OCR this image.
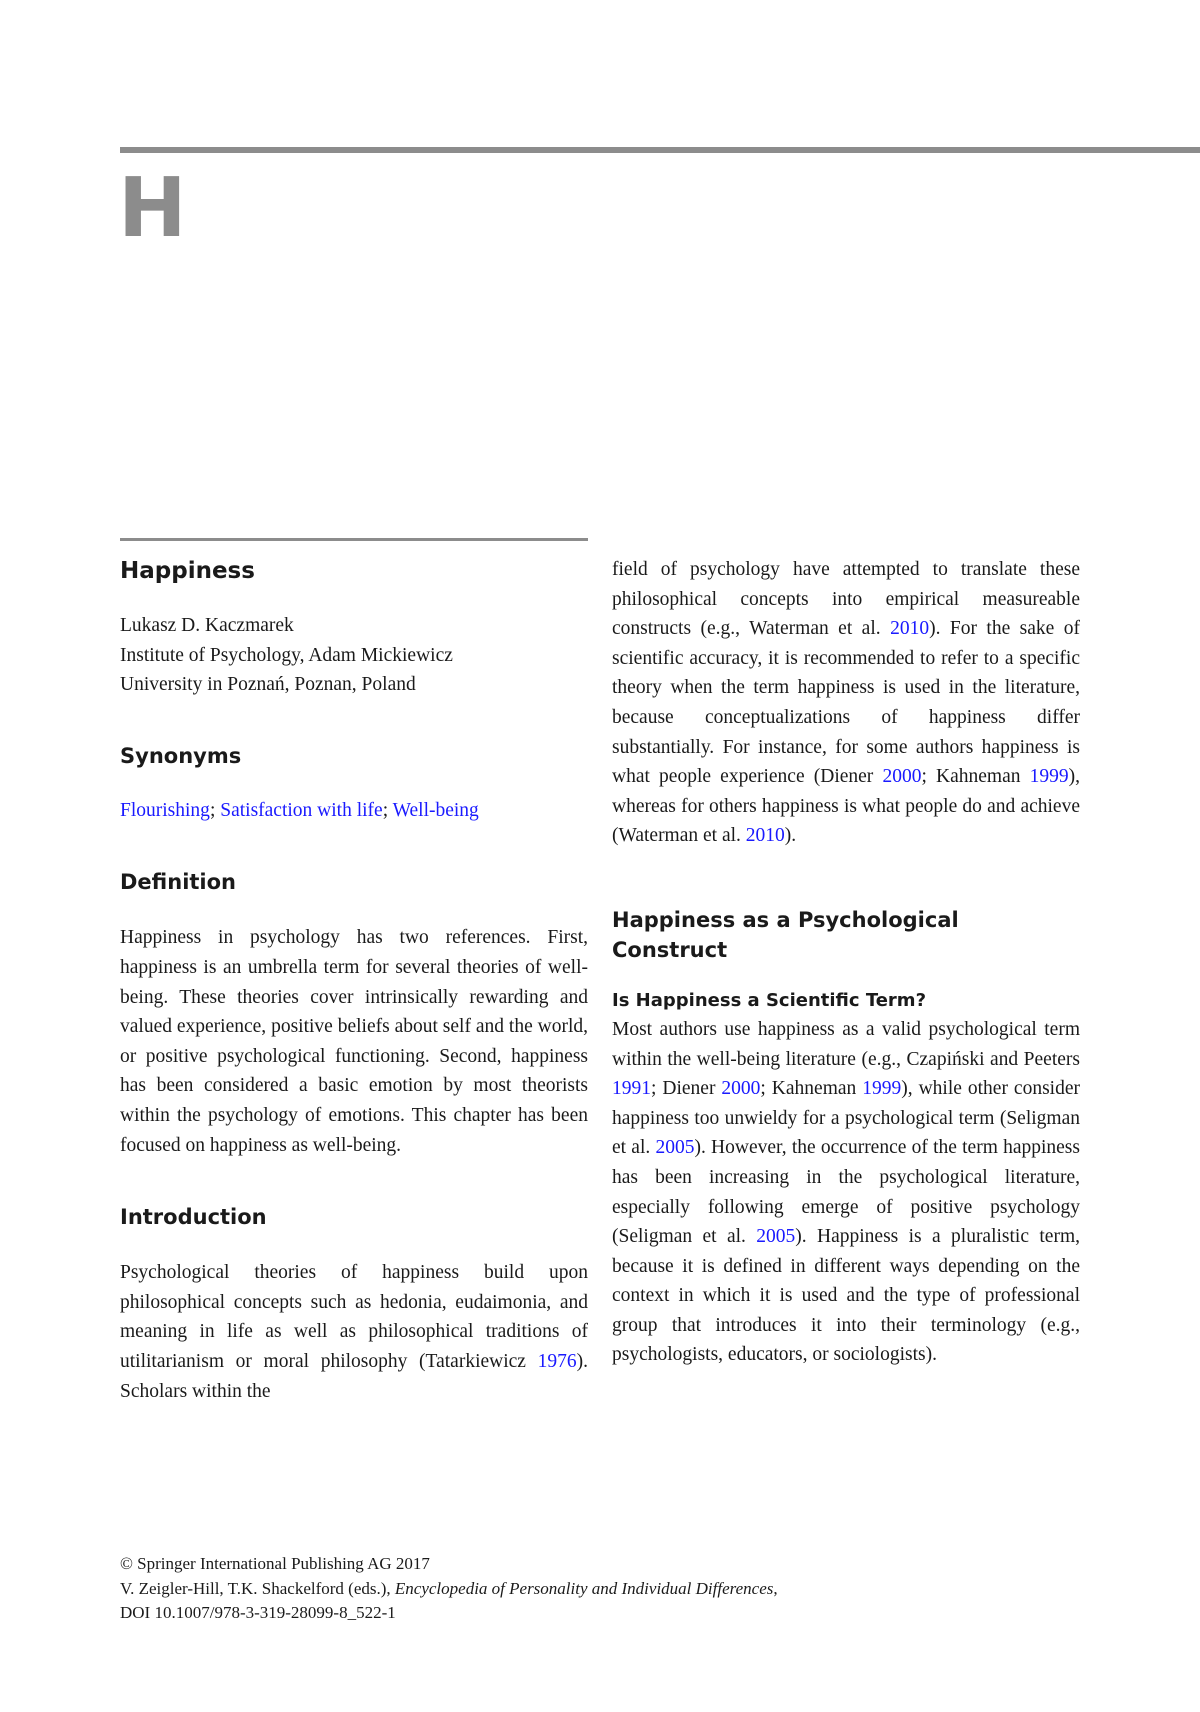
H
Happiness

Lukasz D. Kaczmarek

Institute of Psychology, Adam Mickiewicz

University in Poznań, Poznan, Poland

Synonyms

Flourishing; Satisfaction with life; Well-being

Definition

Happiness in psychology has two references. First, happiness is an umbrella term for several theories of well-being. These theories cover intrinsically rewarding and valued experience, positive beliefs about self and the world, or positive psychological functioning. Second, happiness has been considered a basic emotion by most theorists within the psychology of emotions. This chapter has been focused on happiness as well-being.

Introduction

Psychological theories of happiness build upon philosophical concepts such as hedonia, eudaimonia, and meaning in life as well as philosophical traditions of utilitarianism or moral philosophy (Tatarkiewicz 1976). Scholars within the

field of psychology have attempted to translate these philosophical concepts into empirical measureable constructs (e.g., Waterman et al. 2010). For the sake of scientific accuracy, it is recommended to refer to a specific theory when the term happiness is used in the literature, because conceptualizations of happiness differ substantially. For instance, for some authors happiness is what people experience (Diener 2000; Kahneman 1999), whereas for others happiness is what people do and achieve (Waterman et al. 2010).

Happiness as a Psychological Construct
Is Happiness a Scientific Term?

Most authors use happiness as a valid psychological term within the well-being literature (e.g., Czapiński and Peeters 1991; Diener 2000; Kahneman 1999), while other consider happiness too unwieldy for a psychological term (Seligman et al. 2005). However, the occurrence of the term happiness has been increasing in the psychological literature, especially following emerge of positive psychology (Seligman et al. 2005). Happiness is a pluralistic term, because it is defined in different ways depending on the context in which it is used and the type of professional group that introduces it into their terminology (e.g., psychologists, educators, or sociologists).

© Springer International Publishing AG 2017
V. Zeigler-Hill, T.K. Shackelford (eds.), Encyclopedia of Personality and Individual Differences,
DOI 10.1007/978-3-319-28099-8_522-1
